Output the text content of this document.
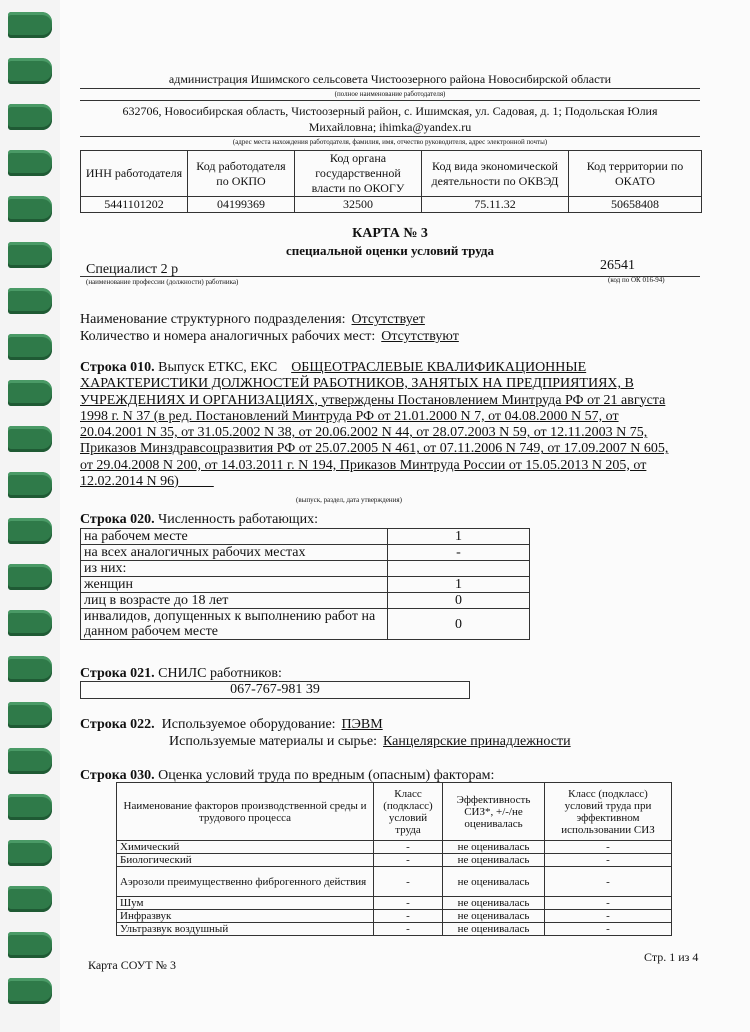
администрация Ишимского сельсовета Чистоозерного района Новосибирской области
(полное наименование работодателя)
632706, Новосибирская область, Чистоозерный район, с. Ишимская, ул. Садовая, д. 1; Подольская Юлия
Михайловна; ihimka@yandex.ru
(адрес места нахождения работодателя, фамилия, имя, отчество руководителя, адрес электронной почты)
ИНН работодателя	Код работодателя по ОКПО	Код органа государственной власти по ОКОГУ	Код вида экономической деятельности по ОКВЭД	Код территории по ОКАТО
5441101202	04199369	32500	75.11.32	50658408
КАРТА № 3
специальной оценки условий труда
Специалист 2 р	26541
(наименование профессии (должности) работника)	(код по ОК 016-94)
Наименование структурного подразделения: Отсутствует
Количество и номера аналогичных рабочих мест: Отсутствуют
Строка 010. Выпуск ЕТКС, ЕКС ОБЩЕОТРАСЛЕВЫЕ КВАЛИФИКАЦИОННЫЕ
ХАРАКТЕРИСТИКИ ДОЛЖНОСТЕЙ РАБОТНИКОВ, ЗАНЯТЫХ НА ПРЕДПРИЯТИЯХ, В
УЧРЕЖДЕНИЯХ И ОРГАНИЗАЦИЯХ, утверждены Постановлением Минтруда РФ от 21 августа
1998 г. N 37 (в ред. Постановлений Минтруда РФ от 21.01.2000 N 7, от 04.08.2000 N 57, от
20.04.2001 N 35, от 31.05.2002 N 38, от 20.06.2002 N 44, от 28.07.2003 N 59, от 12.11.2003 N 75,
Приказов Минздравсоцразвития РФ от 25.07.2005 N 461, от 07.11.2006 N 749, от 17.09.2007 N 605,
от 29.04.2008 N 200, от 14.03.2011 г. N 194, Приказов Минтруда России от 15.05.2013 N 205, от
12.02.2014 N 96)
(выпуск, раздел, дата утверждения)
Строка 020. Численность работающих:
на рабочем месте	1
на всех аналогичных рабочих местах	-
из них:	
женщин	1
лиц в возрасте до 18 лет	0
инвалидов, допущенных к выполнению работ на данном рабочем месте	0
Строка 021. СНИЛС работников:
067-767-981 39
Строка 022. Используемое оборудование: ПЭВМ
Используемые материалы и сырье: Канцелярские принадлежности
Строка 030. Оценка условий труда по вредным (опасным) факторам:
Наименование факторов производственной среды и трудового процесса	Класс (подкласс) условий труда	Эффективность СИЗ*, +/-/не оценивалась	Класс (подкласс) условий труда при эффективном использовании СИЗ
Химический	-	не оценивалась	-
Биологический	-	не оценивалась	-
Аэрозоли преимущественно фиброгенного действия	-	не оценивалась	-
Шум	-	не оценивалась	-
Инфразвук	-	не оценивалась	-
Ультразвук воздушный	-	не оценивалась	-
Карта СОУТ № 3
Стр. 1 из 4
